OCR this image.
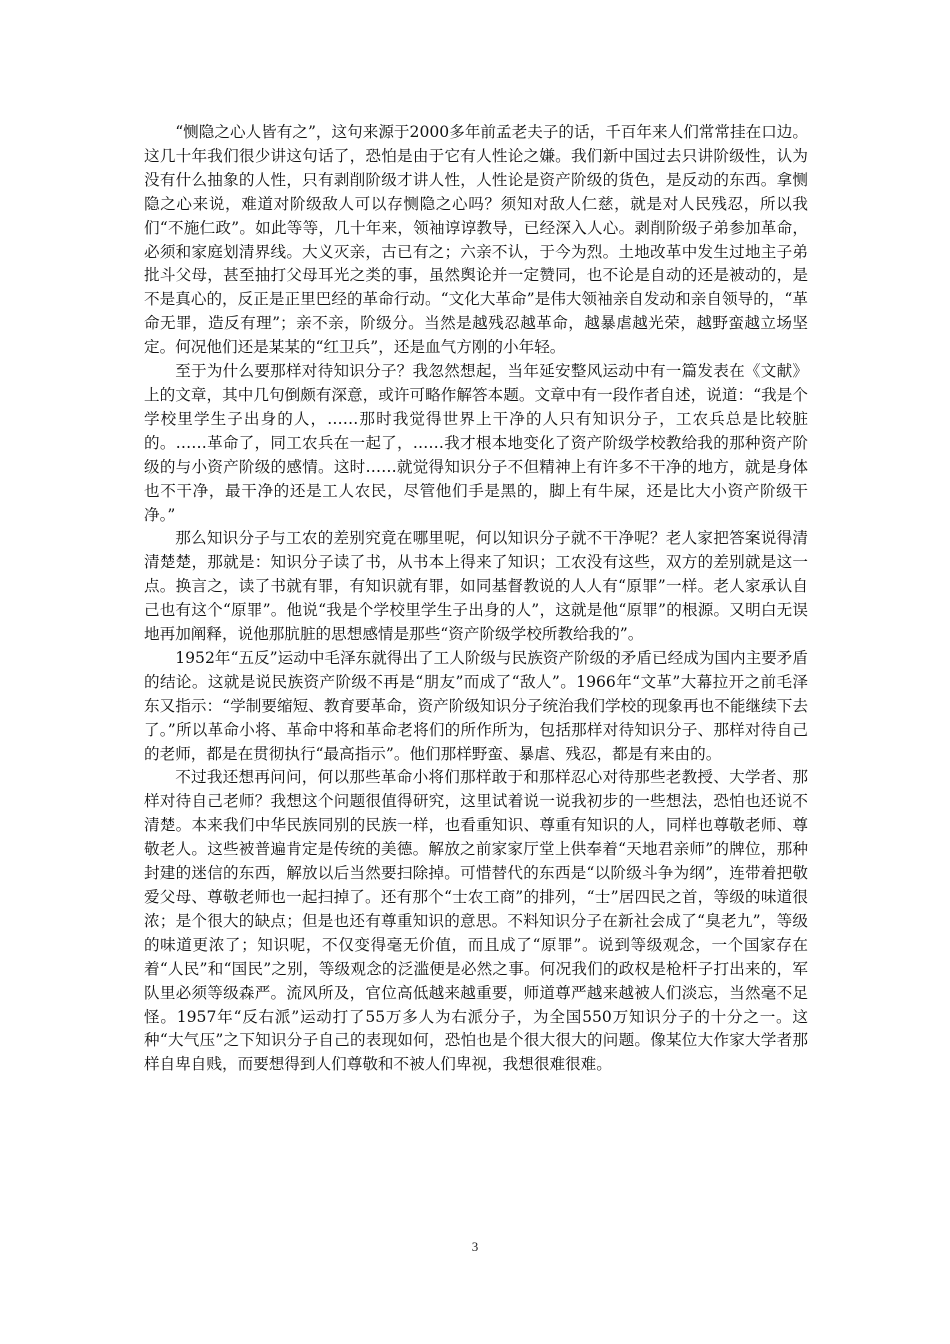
“恻隐之心人皆有之”，这句来源于2000多年前孟老夫子的话，千百年来人们常常挂在口边。这几十年我们很少讲这句话了，恐怕是由于它有人性论之嫌。我们新中国过去只讲阶级性，认为没有什么抽象的人性，只有剥削阶级才讲人性，人性论是资产阶级的货色，是反动的东西。拿恻隐之心来说，难道对阶级敌人可以存恻隐之心吗？须知对敌人仁慈，就是对人民残忍，所以我们“不施仁政”。如此等等，几十年来，领袖谆谆教导，已经深入人心。剥削阶级子弟参加革命，必须和家庭划清界线。大义灭亲，古已有之；六亲不认，于今为烈。土地改革中发生过地主子弟批斗父母，甚至抽打父母耳光之类的事，虽然舆论并一定赞同，也不论是自动的还是被动的，是不是真心的，反正是正里巴经的革命行动。“文化大革命”是伟大领袖亲自发动和亲自领导的，“革命无罪，造反有理”；亲不亲，阶级分。当然是越残忍越革命，越暴虐越光荣，越野蛮越立场坚定。何况他们还是某某的“红卫兵”，还是血气方刚的小年轻。

至于为什么要那样对待知识分子？我忽然想起，当年延安整风运动中有一篇发表在《文献》上的文章，其中几句倒颇有深意，或许可略作解答本题。文章中有一段作者自述，说道：“我是个学校里学生子出身的人，……那时我觉得世界上干净的人只有知识分子，工农兵总是比较脏的。……革命了，同工农兵在一起了，……我才根本地变化了资产阶级学校教给我的那种资产阶级的与小资产阶级的感情。这时……就觉得知识分子不但精神上有许多不干净的地方，就是身体也不干净，最干净的还是工人农民，尽管他们手是黑的，脚上有牛屎，还是比大小资产阶级干净。”

那么知识分子与工农的差别究竟在哪里呢，何以知识分子就不干净呢？老人家把答案说得清清楚楚，那就是：知识分子读了书，从书本上得来了知识；工农没有这些，双方的差别就是这一点。换言之，读了书就有罪，有知识就有罪，如同基督教说的人人有“原罪”一样。老人家承认自己也有这个“原罪”。他说“我是个学校里学生子出身的人”，这就是他“原罪”的根源。又明白无误地再加阐释，说他那肮脏的思想感情是那些“资产阶级学校所教给我的”。

1952年“五反”运动中毛泽东就得出了工人阶级与民族资产阶级的矛盾已经成为国内主要矛盾的结论。这就是说民族资产阶级不再是“朋友”而成了“敌人”。1966年“文革”大幕拉开之前毛泽东又指示：“学制要缩短、教育要革命，资产阶级知识分子统治我们学校的现象再也不能继续下去了。”所以革命小将、革命中将和革命老将们的所作所为，包括那样对待知识分子、那样对待自己的老师，都是在贯彻执行“最高指示”。他们那样野蛮、暴虐、残忍，都是有来由的。

不过我还想再问问，何以那些革命小将们那样敢于和那样忍心对待那些老教授、大学者、那样对待自己老师？我想这个问题很值得研究，这里试着说一说我初步的一些想法，恐怕也还说不清楚。本来我们中华民族同别的民族一样，也看重知识、尊重有知识的人，同样也尊敬老师、尊敬老人。这些被普遍肯定是传统的美德。解放之前家家厅堂上供奉着“天地君亲师”的牌位，那种封建的迷信的东西，解放以后当然要扫除掉。可惜替代的东西是“以阶级斗争为纲”，连带着把敬爱父母、尊敬老师也一起扫掉了。还有那个“士农工商”的排列，“士”居四民之首，等级的味道很浓；是个很大的缺点；但是也还有尊重知识的意思。不料知识分子在新社会成了“臭老九”，等级的味道更浓了；知识呢，不仅变得毫无价值，而且成了“原罪”。说到等级观念，一个国家存在着“人民”和“国民”之别，等级观念的泛滥便是必然之事。何况我们的政权是枪杆子打出来的，军队里必须等级森严。流风所及，官位高低越来越重要，师道尊严越来越被人们淡忘，当然毫不足怪。1957年“反右派”运动打了55万多人为右派分子，为全国550万知识分子的十分之一。这种“大气压”之下知识分子自己的表现如何，恐怕也是个很大很大的问题。像某位大作家大学者那样自卑自贱，而要想得到人们尊敬和不被人们卑视，我想很难很难。

3
